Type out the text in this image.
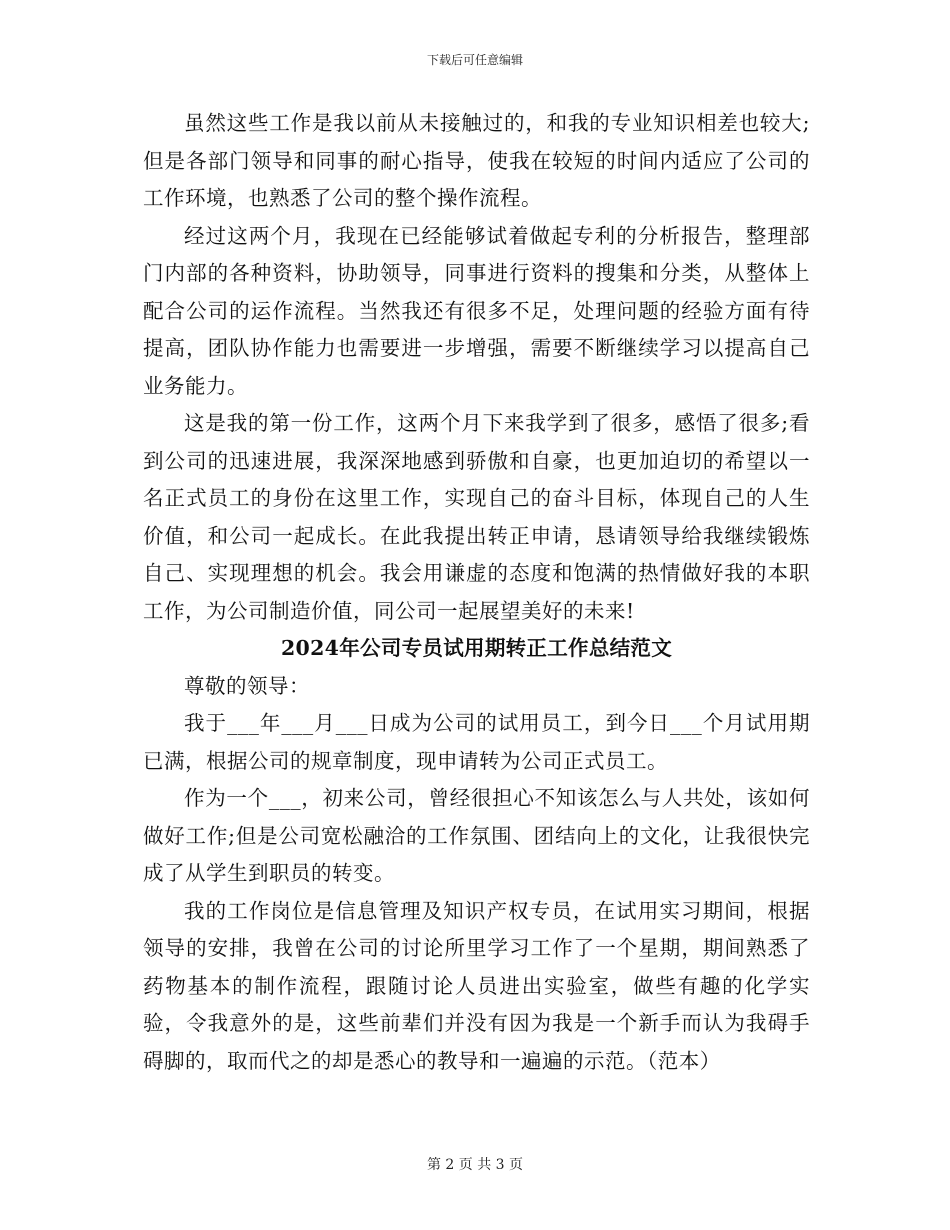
下载后可任意编辑

虽然这些工作是我以前从未接触过的，和我的专业知识相差也较大;但是各部门领导和同事的耐心指导，使我在较短的时间内适应了公司的工作环境，也熟悉了公司的整个操作流程。

经过这两个月，我现在已经能够试着做起专利的分析报告，整理部门内部的各种资料，协助领导，同事进行资料的搜集和分类，从整体上配合公司的运作流程。当然我还有很多不足，处理问题的经验方面有待提高，团队协作能力也需要进一步增强，需要不断继续学习以提高自己业务能力。

这是我的第一份工作，这两个月下来我学到了很多，感悟了很多;看到公司的迅速进展，我深深地感到骄傲和自豪，也更加迫切的希望以一名正式员工的身份在这里工作，实现自己的奋斗目标，体现自己的人生价值，和公司一起成长。在此我提出转正申请，恳请领导给我继续锻炼自己、实现理想的机会。我会用谦虚的态度和饱满的热情做好我的本职工作，为公司制造价值，同公司一起展望美好的未来!

2024年公司专员试用期转正工作总结范文

尊敬的领导：

我于___年___月___日成为公司的试用员工，到今日___个月试用期已满，根据公司的规章制度，现申请转为公司正式员工。

作为一个___，初来公司，曾经很担心不知该怎么与人共处，该如何做好工作;但是公司宽松融洽的工作氛围、团结向上的文化，让我很快完成了从学生到职员的转变。

我的工作岗位是信息管理及知识产权专员，在试用实习期间，根据领导的安排，我曾在公司的讨论所里学习工作了一个星期，期间熟悉了药物基本的制作流程，跟随讨论人员进出实验室，做些有趣的化学实验，令我意外的是，这些前辈们并没有因为我是一个新手而认为我碍手碍脚的，取而代之的却是悉心的教导和一遍遍的示范。（范本）

第 2 页 共 3 页
